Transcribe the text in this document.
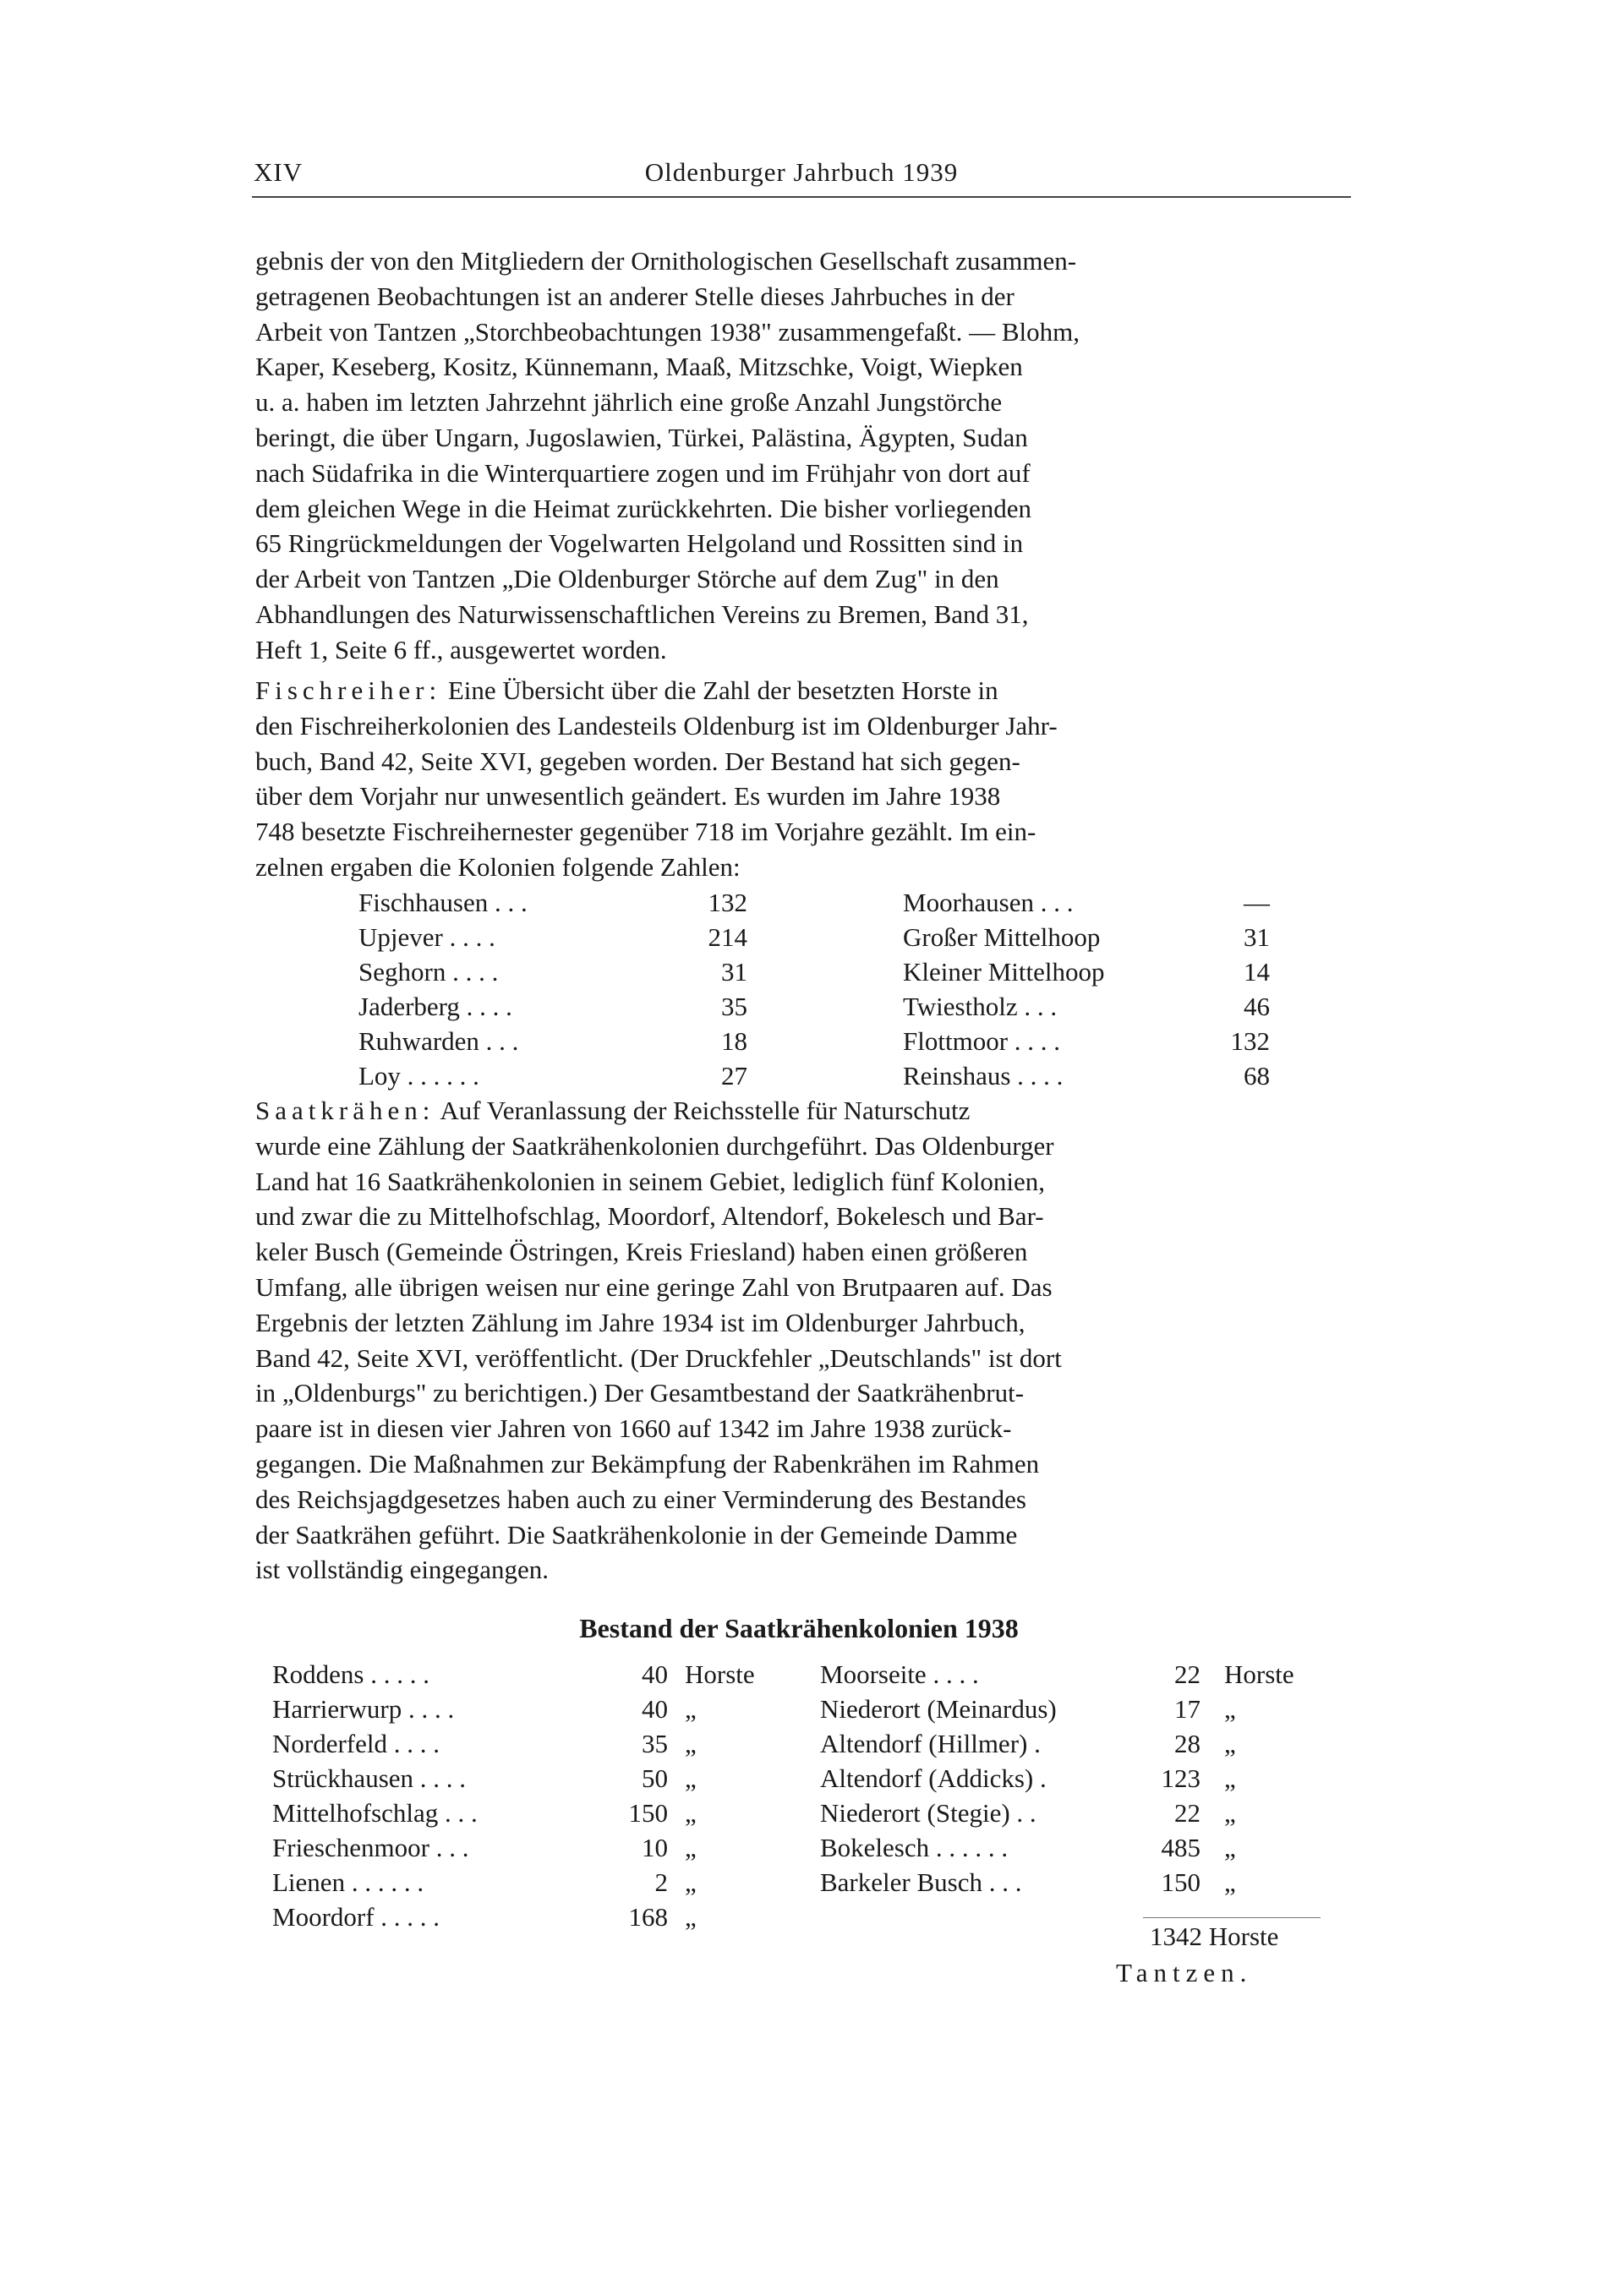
XIV	Oldenburger Jahrbuch 1939
gebnis der von den Mitgliedern der Ornithologischen Gesellschaft zusammen-
getragenen Beobachtungen ist an anderer Stelle dieses Jahrbuches in der
Arbeit von Tantzen „Storchbeobachtungen 1938" zusammengefaßt. — Blohm,
Kaper, Keseberg, Kositz, Künnemann, Maaß, Mitzschke, Voigt, Wiepken
u. a. haben im letzten Jahrzehnt jährlich eine große Anzahl Jungstörche
beringt, die über Ungarn, Jugoslawien, Türkei, Palästina, Ägypten, Sudan
nach Südafrika in die Winterquartiere zogen und im Frühjahr von dort auf
dem gleichen Wege in die Heimat zurückkehrten. Die bisher vorliegenden
65 Ringrückmeldungen der Vogelwarten Helgoland und Rossitten sind in
der Arbeit von Tantzen „Die Oldenburger Störche auf dem Zug" in den
Abhandlungen des Naturwissenschaftlichen Vereins zu Bremen, Band 31,
Heft 1, Seite 6 ff., ausgewertet worden.
Fischreiher: Eine Übersicht über die Zahl der besetzten Horste in
den Fischreiherkolonien des Landesteils Oldenburg ist im Oldenburger Jahr-
buch, Band 42, Seite XVI, gegeben worden. Der Bestand hat sich gegen-
über dem Vorjahr nur unwesentlich geändert. Es wurden im Jahre 1938
748 besetzte Fischreihernester gegenüber 718 im Vorjahre gezählt. Im ein-
zelnen ergaben die Kolonien folgende Zahlen:
Fischhausen . . .	132
Upjever . . . .	214
Seghorn . . . .	31
Jaderberg . . . .	35
Ruhwarden . . .	18
Loy . . . . . .	27
Moorhausen . . .	—
Großer Mittelhoop	31
Kleiner Mittelhoop	14
Twiestholz . . .	46
Flottmoor . . . .	132
Reinshaus . . . .	68
Saatkrähen: Auf Veranlassung der Reichsstelle für Naturschutz
wurde eine Zählung der Saatkrähenkolonien durchgeführt. Das Oldenburger
Land hat 16 Saatkrähenkolonien in seinem Gebiet, lediglich fünf Kolonien,
und zwar die zu Mittelhofschlag, Moordorf, Altendorf, Bokelesch und Bar-
keler Busch (Gemeinde Östringen, Kreis Friesland) haben einen größeren
Umfang, alle übrigen weisen nur eine geringe Zahl von Brutpaaren auf. Das
Ergebnis der letzten Zählung im Jahre 1934 ist im Oldenburger Jahrbuch,
Band 42, Seite XVI, veröffentlicht. (Der Druckfehler „Deutschlands" ist dort
in „Oldenburgs" zu berichtigen.) Der Gesamtbestand der Saatkrähenbrut-
paare ist in diesen vier Jahren von 1660 auf 1342 im Jahre 1938 zurück-
gegangen. Die Maßnahmen zur Bekämpfung der Rabenkrähen im Rahmen
des Reichsjagdgesetzes haben auch zu einer Verminderung des Bestandes
der Saatkrähen geführt. Die Saatkrähenkolonie in der Gemeinde Damme
ist vollständig eingegangen.
Bestand der Saatkrähenkolonien 1938
Roddens . . . . .	40 Horste
Harrierwurp . . . .	40 „
Norderfeld . . . .	35 „
Strückhausen . . . .	50 „
Mittelhofschlag . . .	150 „
Frieschenmoor . . .	10 „
Lienen . . . . . .	2 „
Moordorf . . . . .	168 „
Moorseite . . . .	22 Horste
Niederort (Meinardus)	17 „
Altendorf (Hillmer) .	28 „
Altendorf (Addicks) .	123 „
Niederort (Stegie) . .	22 „
Bokelesch . . . . . .	485 „
Barkeler Busch . . .	150 „
1342 Horste
Tantzen.
